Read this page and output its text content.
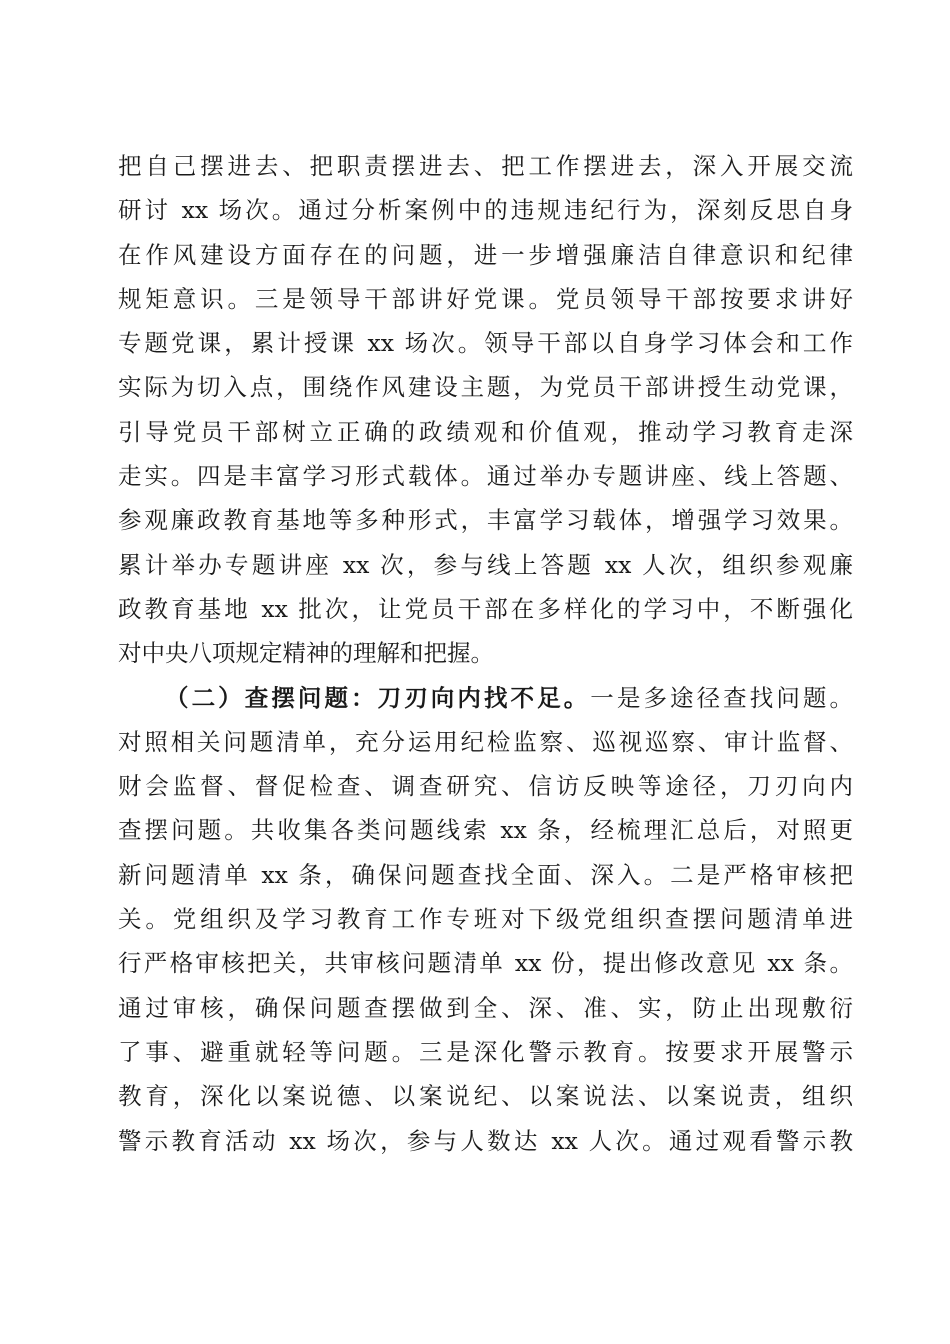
把自己摆进去、把职责摆进去、把工作摆进去，深入开展交流
研讨 xx 场次。通过分析案例中的违规违纪行为，深刻反思自身
在作风建设方面存在的问题，进一步增强廉洁自律意识和纪律
规矩意识。三是领导干部讲好党课。党员领导干部按要求讲好
专题党课，累计授课 xx 场次。领导干部以自身学习体会和工作
实际为切入点，围绕作风建设主题，为党员干部讲授生动党课，
引导党员干部树立正确的政绩观和价值观，推动学习教育走深
走实。四是丰富学习形式载体。通过举办专题讲座、线上答题、
参观廉政教育基地等多种形式，丰富学习载体，增强学习效果。
累计举办专题讲座 xx 次，参与线上答题 xx 人次，组织参观廉
政教育基地 xx 批次，让党员干部在多样化的学习中，不断强化
对中央八项规定精神的理解和把握。
（二）查摆问题：刀刃向内找不足。一是多途径查找问题。
对照相关问题清单，充分运用纪检监察、巡视巡察、审计监督、
财会监督、督促检查、调查研究、信访反映等途径，刀刃向内
查摆问题。共收集各类问题线索 xx 条，经梳理汇总后，对照更
新问题清单 xx 条，确保问题查找全面、深入。二是严格审核把
关。党组织及学习教育工作专班对下级党组织查摆问题清单进
行严格审核把关，共审核问题清单 xx 份，提出修改意见 xx 条。
通过审核，确保问题查摆做到全、深、准、实，防止出现敷衍
了事、避重就轻等问题。三是深化警示教育。按要求开展警示
教育，深化以案说德、以案说纪、以案说法、以案说责，组织
警示教育活动 xx 场次，参与人数达 xx 人次。通过观看警示教
